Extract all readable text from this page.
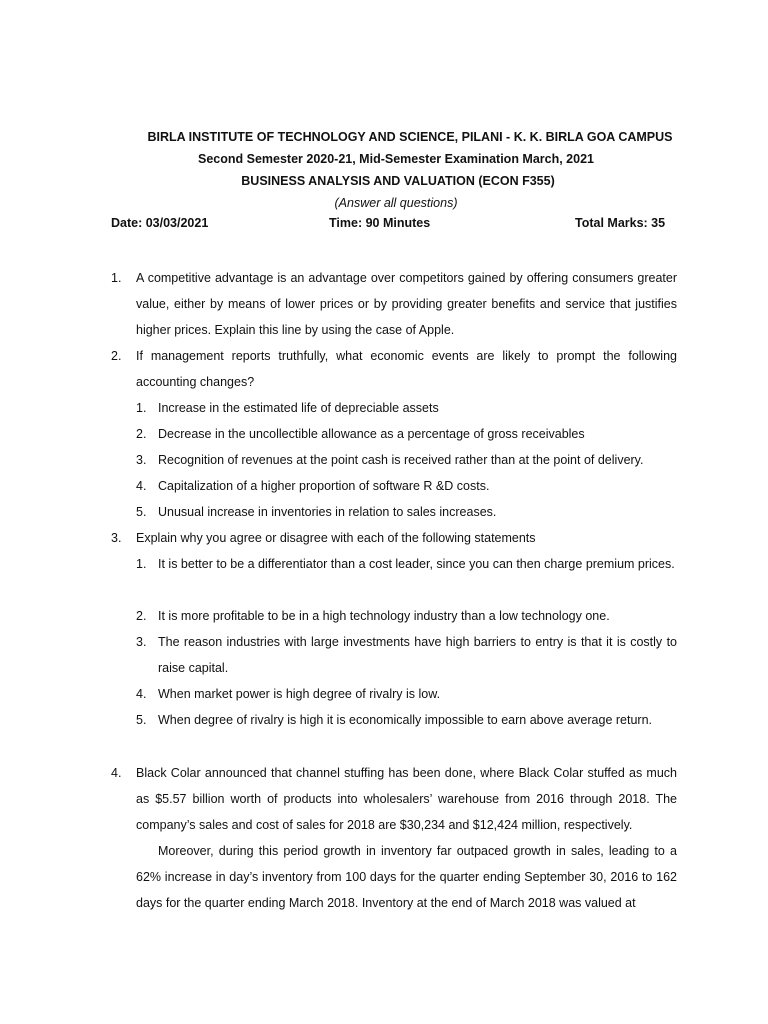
BIRLA INSTITUTE OF TECHNOLOGY AND SCIENCE, PILANI - K. K. BIRLA GOA CAMPUS
Second Semester 2020-21, Mid-Semester Examination March, 2021
BUSINESS ANALYSIS AND VALUATION (ECON F355)
(Answer all questions)
Date: 03/03/2021	Time: 90 Minutes	Total Marks: 35
1.	A competitive advantage is an advantage over competitors gained by offering consumers greater value, either by means of lower prices or by providing greater benefits and service that justifies higher prices. Explain this line by using the case of Apple.
2.	If management reports truthfully, what economic events are likely to prompt the following accounting changes?
1. Increase in the estimated life of depreciable assets
2. Decrease in the uncollectible allowance as a percentage of gross receivables
3. Recognition of revenues at the point cash is received rather than at the point of delivery.
4. Capitalization of a higher proportion of software R &D costs.
5. Unusual increase in inventories in relation to sales increases.
3.	Explain why you agree or disagree with each of the following statements
1. It is better to be a differentiator than a cost leader, since you can then charge premium prices.
2. It is more profitable to be in a high technology industry than a low technology one.
3. The reason industries with large investments have high barriers to entry is that it is costly to raise capital.
4. When market power is high degree of rivalry is low.
5. When degree of rivalry is high it is economically impossible to earn above average return.
4.	Black Colar announced that channel stuffing has been done, where Black Colar stuffed as much as $5.57 billion worth of products into wholesalers’ warehouse from 2016 through 2018. The company’s sales and cost of sales for 2018 are $30,234 and $12,424 million, respectively.
Moreover, during this period growth in inventory far outpaced growth in sales, leading to a 62% increase in day’s inventory from 100 days for the quarter ending September 30, 2016 to 162 days for the quarter ending March 2018. Inventory at the end of March 2018 was valued at
